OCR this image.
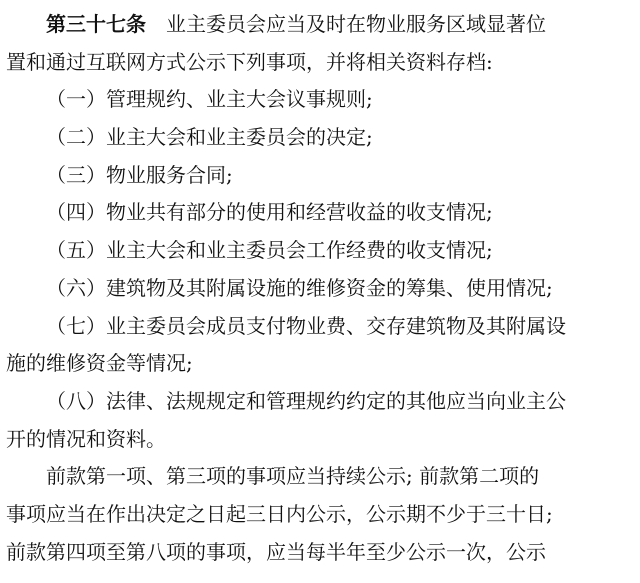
第三十七条 业主委员会应当及时在物业服务区域显著位
置和通过互联网方式公示下列事项，并将相关资料存档:
（一）管理规约、业主大会议事规则;
（二）业主大会和业主委员会的决定;
（三）物业服务合同;
（四）物业共有部分的使用和经营收益的收支情况;
（五）业主大会和业主委员会工作经费的收支情况;
（六）建筑物及其附属设施的维修资金的筹集、使用情况;
（七）业主委员会成员支付物业费、交存建筑物及其附属设
施的维修资金等情况;
（八）法律、法规规定和管理规约约定的其他应当向业主公
开的情况和资料。
前款第一项、第三项的事项应当持续公示; 前款第二项的
事项应当在作出决定之日起三日内公示，公示期不少于三十日;
前款第四项至第八项的事项，应当每半年至少公示一次，公示
